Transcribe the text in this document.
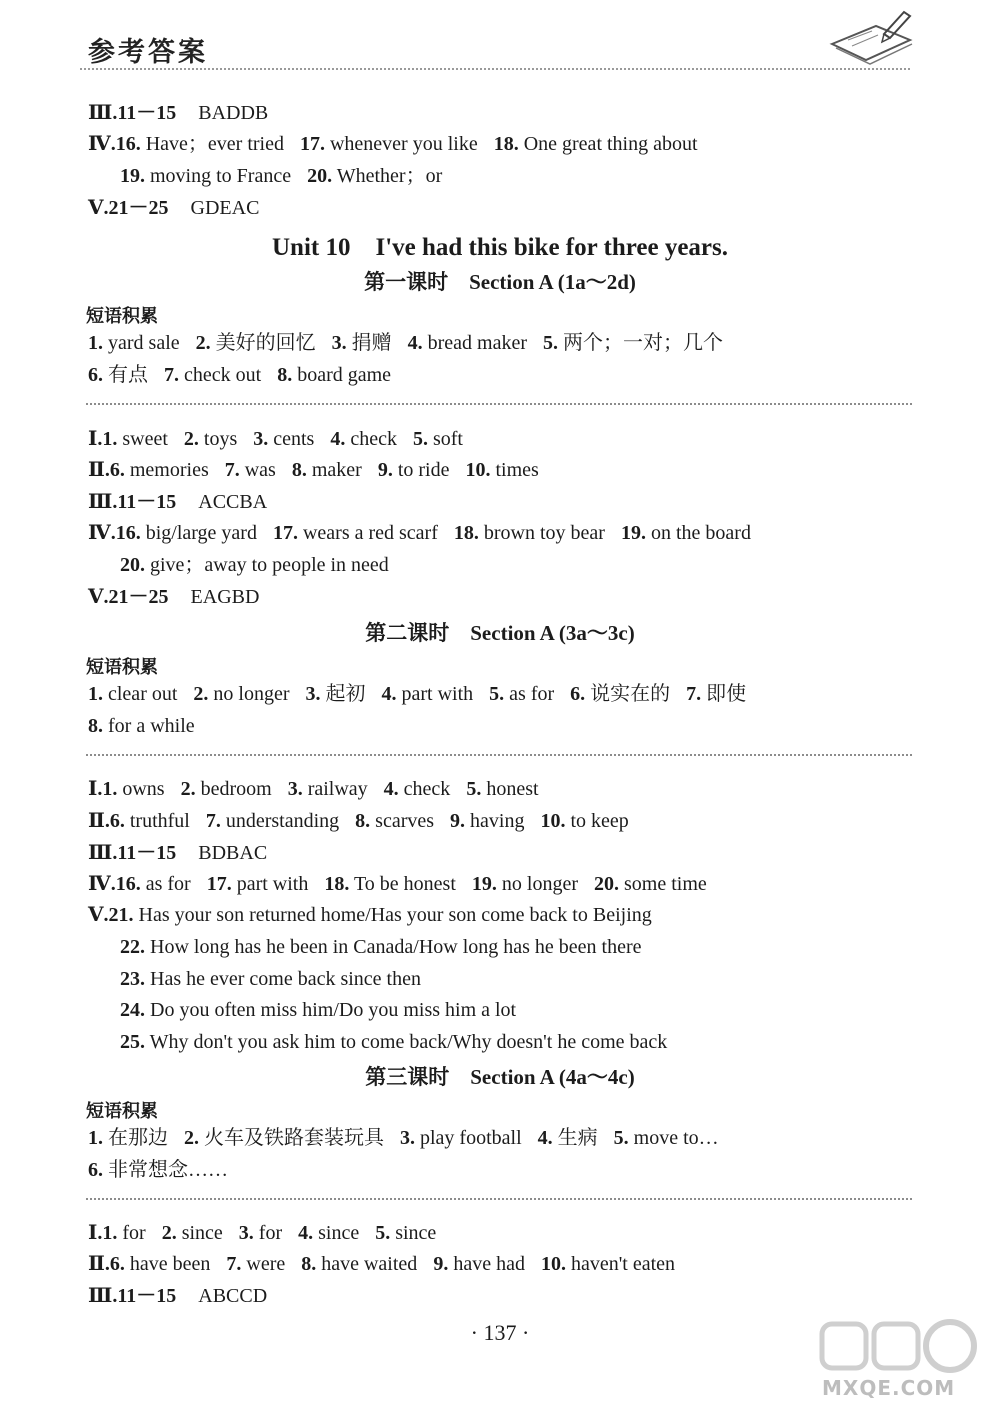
参考答案
Ⅲ.11－15 BADDB
Ⅳ.16. Have；ever tried 17. whenever you like 18. One great thing about
19. moving to France 20. Whether；or
Ⅴ.21－25 GDEAC
Unit 10　I've had this bike for three years.
第一课时　Section A (1a～2d)
短语积累
1. yard sale 2. 美好的回忆 3. 捐赠 4. bread maker 5. 两个；一对；几个
6. 有点 7. check out 8. board game
Ⅰ.1. sweet 2. toys 3. cents 4. check 5. soft
Ⅱ.6. memories 7. was 8. maker 9. to ride 10. times
Ⅲ.11－15 ACCBA
Ⅳ.16. big/large yard 17. wears a red scarf 18. brown toy bear 19. on the board
20. give；away to people in need
Ⅴ.21－25 EAGBD
第二课时　Section A (3a～3c)
短语积累
1. clear out 2. no longer 3. 起初 4. part with 5. as for 6. 说实在的 7. 即使
8. for a while
Ⅰ.1. owns 2. bedroom 3. railway 4. check 5. honest
Ⅱ.6. truthful 7. understanding 8. scarves 9. having 10. to keep
Ⅲ.11－15 BDBAC
Ⅳ.16. as for 17. part with 18. To be honest 19. no longer 20. some time
Ⅴ.21. Has your son returned home/Has your son come back to Beijing
22. How long has he been in Canada/How long has he been there
23. Has he ever come back since then
24. Do you often miss him/Do you miss him a lot
25. Why don't you ask him to come back/Why doesn't he come back
第三课时　Section A (4a～4c)
短语积累
1. 在那边 2. 火车及铁路套装玩具 3. play football 4. 生病 5. move to…
6. 非常想念……
Ⅰ.1. for 2. since 3. for 4. since 5. since
Ⅱ.6. have been 7. were 8. have waited 9. have had 10. haven't eaten
Ⅲ.11－15 ABCCD
· 137 ·
MXQE.COM
